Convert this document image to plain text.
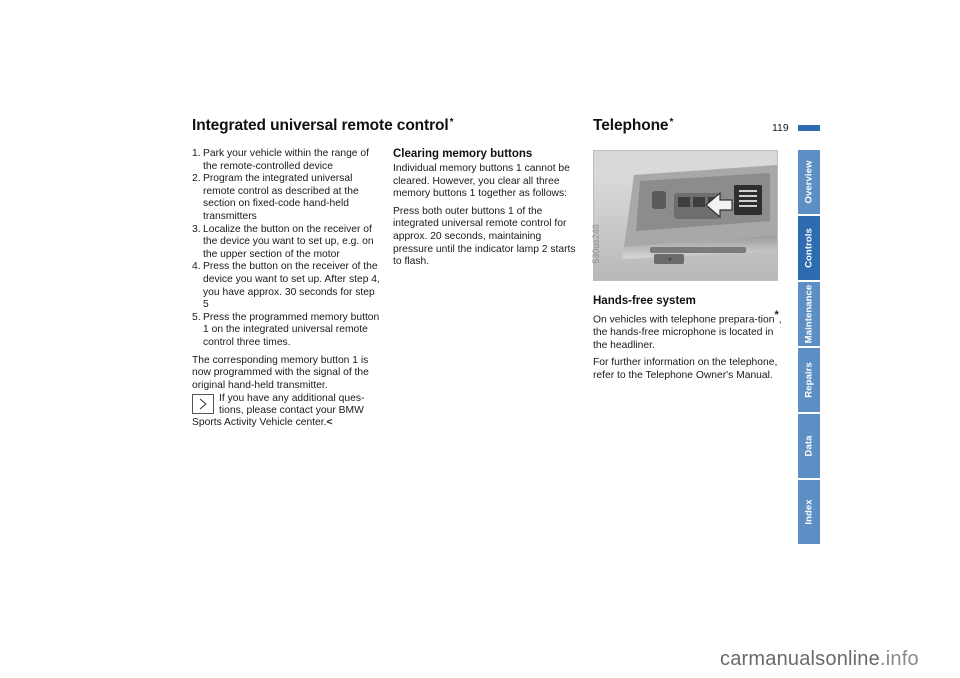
119
Integrated universal remote control*
1. Park your vehicle within the range of the remote-controlled device
2. Program the integrated universal remote control as described at the section on fixed-code hand-held transmitters
3. Localize the button on the receiver of the device you want to set up, e.g. on the upper section of the motor
4. Press the button on the receiver of the device you want to set up. After step 4, you have approx. 30 seconds for step 5
5. Press the programmed memory button 1 on the integrated universal remote control three times.

The corresponding memory button 1 is now programmed with the signal of the original hand-held transmitter.

If you have any additional ques-
tions, please contact your BMW
Sports Activity Vehicle center.<
Clearing memory buttons

Individual memory buttons 1 cannot be cleared. However, you clear all three memory buttons 1 together as follows:

Press both outer buttons 1 of the integrated universal remote control for approx. 20 seconds, maintaining pressure until the indicator lamp 2 starts to flash.

Telephone*
530us248
Hands-free system

On vehicles with telephone prepara-tion*, the hands-free microphone is located in the headliner.

For further information on the telephone, refer to the Telephone Owner's Manual.

Overview
Controls
Maintenance
Repairs
Data
Index
carmanualsonline.info
